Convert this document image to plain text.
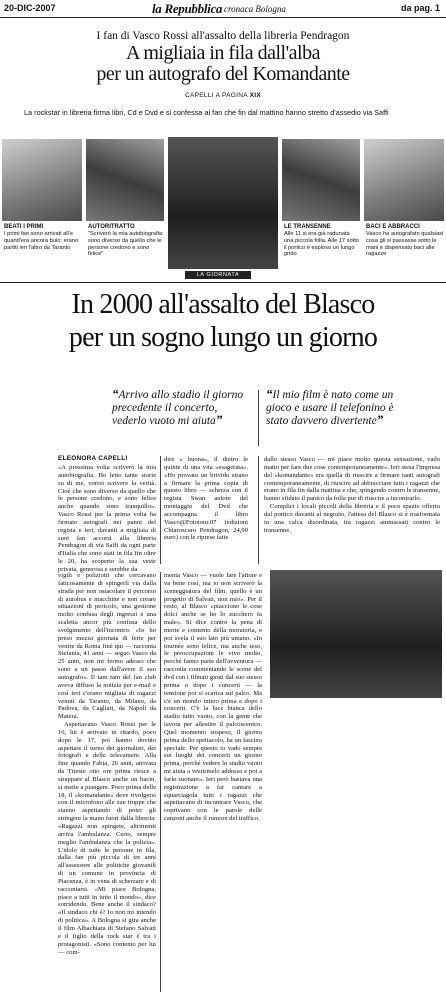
20-DIC-2007	la Repubblica cronaca Bologna	da pag. 1
I fan di Vasco Rossi all'assalto della libreria Pendragon
A migliaia in fila dall'alba
per un autografo del Komandante
CAPELLI A PAGINA XIX
La rockstar in libreria firma libri, Cd e Dvd e si confessa ai fan che fin dal mattino hanno stretto d'assedio via Saffi
BEATI I PRIMI
I primi fan sono arrivati all'e quand'era ancora buio: erano partiti ieri l'altro da Taranto
AUTORITRATTO
"Scriverò la mia autobiografia: sono diverso da quello che le persone credono e sono felice"
LE TRANSENNE
Alle 11 si era già radunata una piccola folla. Alle 17 sotto il portico è esploso un lungo grido
BACI E ABBRACCI
Vasco ha autografato qualsiasi cosa gli si passasse sotto le mani e dispensato baci alle ragazze
LA GIORNATA
In 2000 all'assalto del Blasco
per un sogno lungo un giorno
“Arrivo allo stadio il giorno precedente il concerto, vederlo vuoto mi aiuta”
“Il mio film è nato come un gioco e usare il telefonino è stato davvero divertente”
ELEONORA CAPELLI

«A prossima volta scriverò la mia autobiografia. Ho letto tante storie su di me, vorrei scrivere la verità. Cioè che sono diverso da quello che le persone credono, e sono felice anche quando sono tranquillo». Vasco Rossi per la prima volta ha firmato autografi nei panni del regista e ieri, davanti a migliaia di suoi fan accorsi alla libreria Pendragon di via Saffi da ogni parte d'Italia che sono stati in fila fin oltre le 20, ha scoperto la sua veste privata, generosa e serebbe da

dire « buona», il dietro le quinte di una vita «esagerata». «Ho provato un brivido strano a firmare la prima copia di questo libro — scherza con il regista Swan autore del montaggio del Dvd che accompagna il libro Vasco@Fototour.07 (edizioni Chiaroscuro Pendragon, 24,90 euro) con le riprese fatte

dallo stesso Vasco — mi piace molto questa sensazione, vado matto per fare due cose contemporaneamente». Ieri stesa l'impresa del «komandante» era quella di riuscire a firmare tanti autografi contemporaneamente, di riuscire ad abbracciare tutti i ragazzi che erano in fila fin dalla mattina e che, spingendo contro le transenne, hanno sfidato il panico da folla pur di riuscire a incontrarlo.

Complici i locali piccoli della libreria e il poco spazio offerto dal portico davanti al negozio, l'attesa del Blasco si è trasformata in una calca disordinata, tra ragazzi ammassati contro le transenne,

vigili e poliziotti che cercavano faticosamente di spingerli via dalla strada per non ostacolare il percorso di autobus e macchine e non creare situazioni di pericolo, una gestione molto confusa degli ingressi e una scaletta ancor più confusa dello svolgimento dell'incontro. «Io ho preso mezza giornata di ferie per venire da Roma finé qui — racconta Stefania, 41 anni — seguo Vasco da 25 anni, non mi fermo adesso che sono a un passo dall'avere il suo autografo». Il tam tam del fan club aveva diffuso la notizia per e-mail e così ieri c'erano migliaia di ragazzi venuti da Taranto, da Milano, da Padova, da Cagliari, da Napoli da Matera.

Aspettavano Vasco Rossi per le 16, lui è arrivato in ritardo, poco dopo le 17, poi hanno dovuto aspettare il turno dei giornalisti, dei fotografi e delle telecamere. Alla fine quando Fabia, 26 anni, arrivata da Trieste otto ore prima riesce a strappare al Blasco anche un bacio, si mette a piangere. Poco prima delle 18, il «komandante» deve rivolgersi con il microfono alle sue truppe che stanno aspettando di poter gli stringere la mano fuori dalla libreria: «Ragazzi non spingete, altrimenti arriva l'ambulanza. Certo, sempre meglio l'ambulanza che la polizia». L'idolo di tutte le persone in fila, dalla fan più piccola di tre anni all'assessore alle politiche giovanili di un comune in provincia di Piacenza, è in vena di scherzare e di raccontarsi. «Mi piace Bologna, piace a tutti in tutto il mondo», dice sorridendo. Bene anche il sindaco? «Il sindaco chi è? Io non mi intendo di politica». A Bologna si gira anche il film Albachiara di Stefano Salvati e il figlio della rock star è tra i protagonisti. «Sono contento per lui — com-

menta Vasco — vuole fare l'attore e va bene così, ma io non scriverò la sceneggiatura del film, quello è un progetto di Salvati, non mio». Per il resto, al Blasco «piacciono le cose dolci anche se ho lo zucchero fa male». Si dice contro la pena di morte e contento della moratoria, e poi svela il suo lato più umano. «In tournée sono felice, ma anche teso, le preoccupazioni le vivo molto, perché fanno parte dell'avventura — racconta commentando le scene del dvd con i filmati girati dal suo stesso prima o dopo i concerti — la tensione poi si scarica sul palco. Ma c'è un mondo intero prima e dopo i concerti. C'è la luce bianca dello stadio tutto vuoto, con la gente che lavora per allestire il palcoscenico. Quel momento sospeso, il giorno prima dello spettacolo, ha un fascino speciale. Per questo io vado sempre sui luoghi dei concerti un giorno prima, perché vedere lo stadio vuoto mi aiuta a vestirmelo addosso e poi a farlo suonare». Ieri però bastava una registrazione a far cantare a squarciagola tutti i ragazzi che aspettavano di incontrare Vasco, che coprivano con le parole delle canzoni anche il rumore del traffico.
